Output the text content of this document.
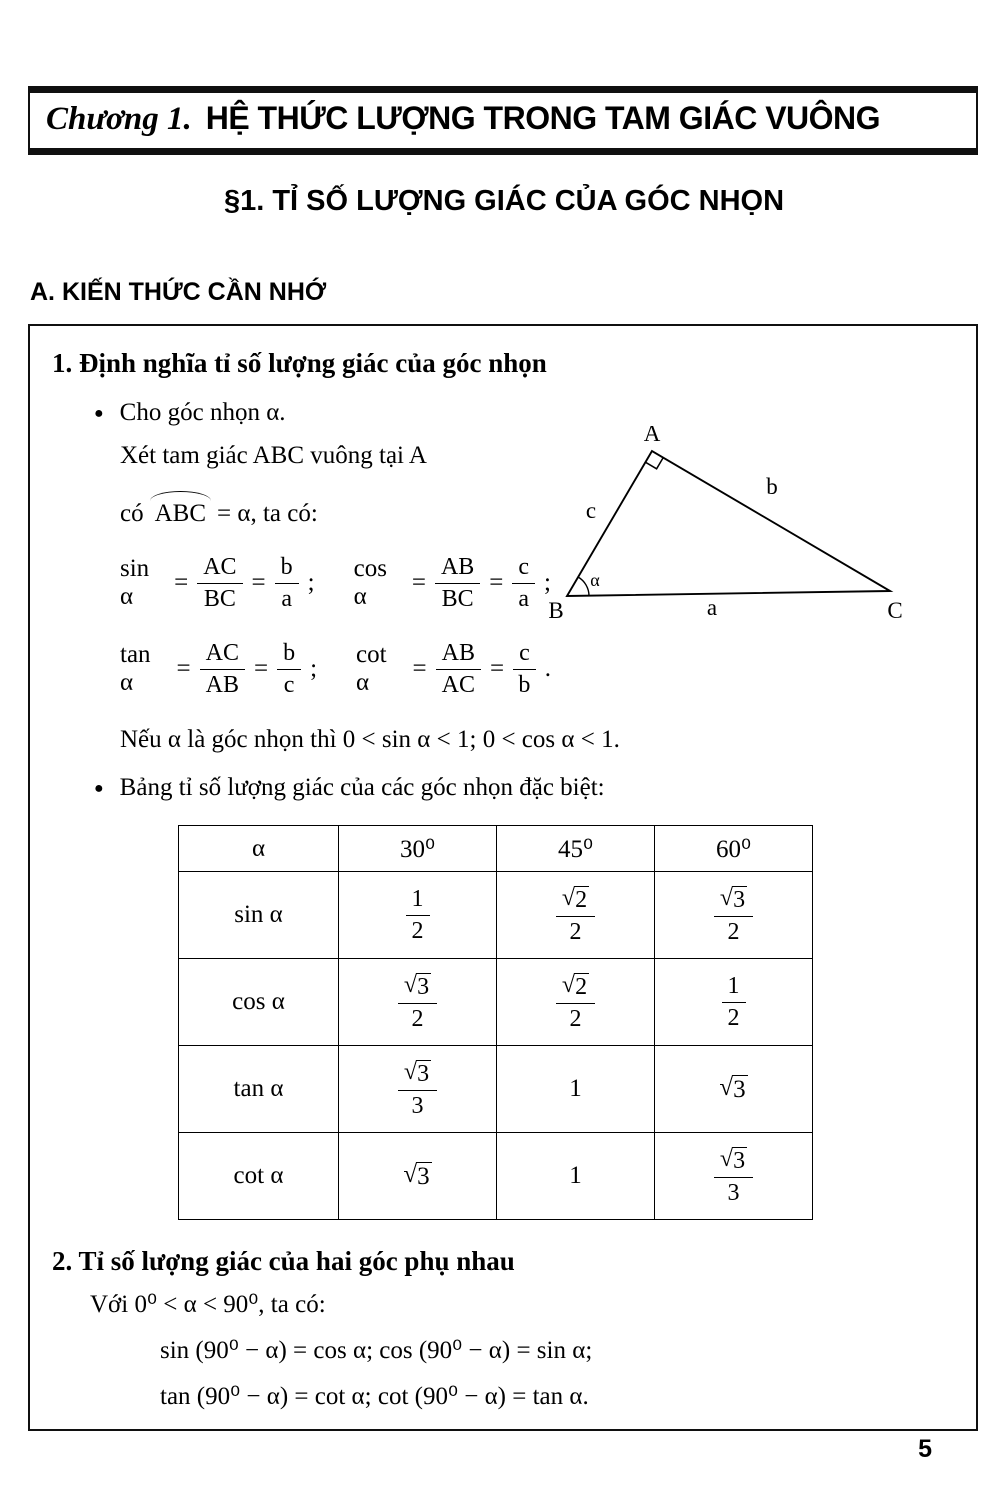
Chương 1. HỆ THỨC LƯỢNG TRONG TAM GIÁC VUÔNG
§1. TỈ SỐ LƯỢNG GIÁC CỦA GÓC NHỌN
A. KIẾN THỨC CẦN NHỚ
1. Định nghĩa tỉ số lượng giác của góc nhọn
● Cho góc nhọn α.

Xét tam giác ABC vuông tại A

có ABC = α, ta có:

sin α
= $\frac{AC}{BC} = \frac{b}{a}$ ;
cos α
= $\frac{AB}{BC} = \frac{c}{a}$ ;
tan α
= $\frac{AC}{AB} = \frac{b}{c}$ ;
cot α
= $\frac{AB}{AC} = \frac{c}{b}$ .
A
B	C
a
b
c
α

Nếu α là góc nhọn thì 0 < sin α < 1; 0 < cos α < 1.

● Bảng tỉ số lượng giác của các góc nhọn đặc biệt:
α	30⁰	45⁰	60⁰
sin α	$\frac{1}{2}$	$\frac{√ 2}{2}$	$\frac{√ 3}{2}$

cos α	$\frac{√ 3}{2}$	$\frac{√ 2}{2}$	$\frac{1}{2}$

tan α	$\frac{√ 3}{3}$	1	√ 3

cot α	√ 3	1	$\frac{√ 3}{3}$
2. Tỉ số lượng giác của hai góc phụ nhau

Với 0⁰ < α < 90⁰, ta có:

sin (90⁰ − α) = cos α; cos (90⁰ − α) = sin α;

tan (90⁰ − α) = cot α; cot (90⁰ − α) = tan α.

5
